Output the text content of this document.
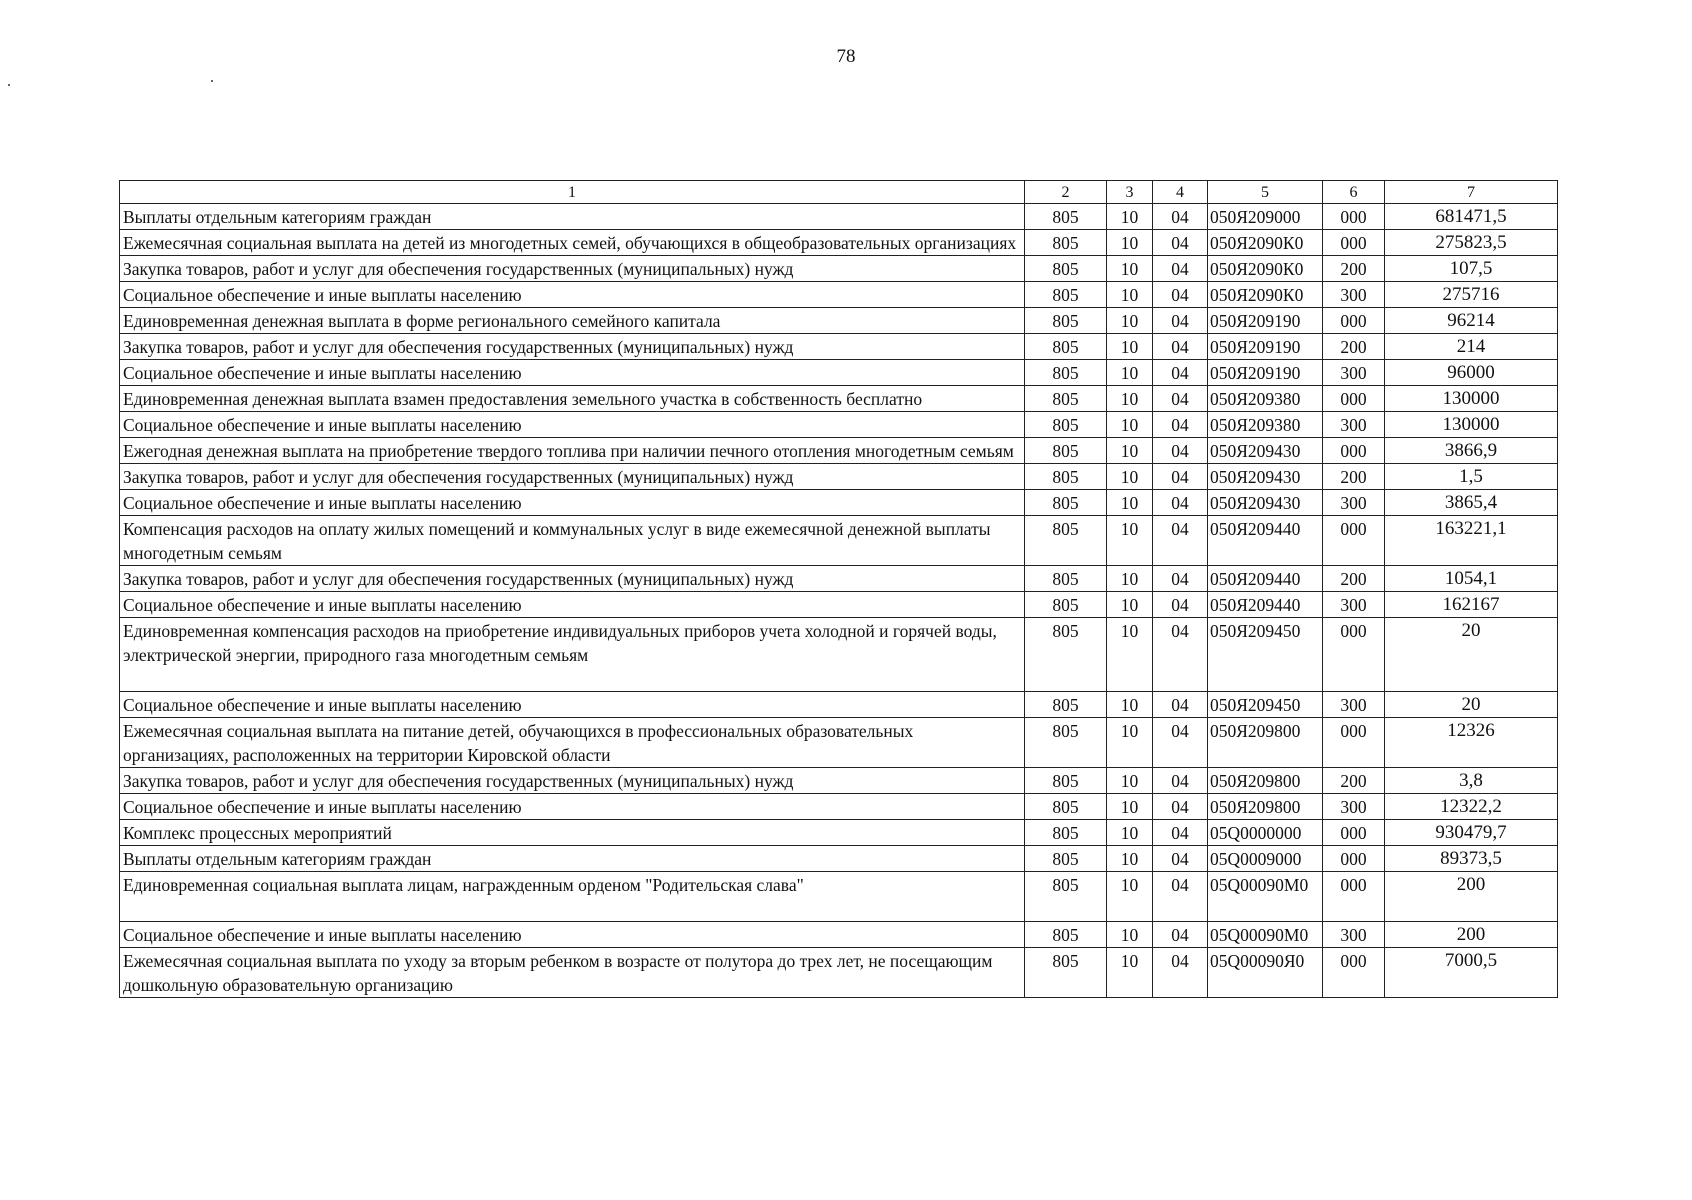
78
1	2	3	4	5	6	7
Выплаты отдельным категориям граждан	805	10	04	050Я209000	000	681471,5
Ежемесячная социальная выплата на детей из многодетных семей, обучающихся в общеобразовательных организациях	805	10	04	050Я2090К0	000	275823,5
Закупка товаров, работ и услуг для обеспечения государственных (муниципальных) нужд	805	10	04	050Я2090К0	200	107,5
Социальное обеспечение и иные выплаты населению	805	10	04	050Я2090К0	300	275716
Единовременная денежная выплата в форме регионального семейного капитала	805	10	04	050Я209190	000	96214
Закупка товаров, работ и услуг для обеспечения государственных (муниципальных) нужд	805	10	04	050Я209190	200	214
Социальное обеспечение и иные выплаты населению	805	10	04	050Я209190	300	96000
Единовременная денежная выплата взамен предоставления земельного участка в собственность бесплатно	805	10	04	050Я209380	000	130000
Социальное обеспечение и иные выплаты населению	805	10	04	050Я209380	300	130000
Ежегодная денежная выплата на приобретение твердого топлива при наличии печного отопления многодетным семьям	805	10	04	050Я209430	000	3866,9
Закупка товаров, работ и услуг для обеспечения государственных (муниципальных) нужд	805	10	04	050Я209430	200	1,5
Социальное обеспечение и иные выплаты населению	805	10	04	050Я209430	300	3865,4
Компенсация расходов на оплату жилых помещений и коммунальных услуг в виде ежемесячной денежной выплаты многодетным семьям	805	10	04	050Я209440	000	163221,1
Закупка товаров, работ и услуг для обеспечения государственных (муниципальных) нужд	805	10	04	050Я209440	200	1054,1
Социальное обеспечение и иные выплаты населению	805	10	04	050Я209440	300	162167
Единовременная компенсация расходов на приобретение индивидуальных приборов учета холодной и горячей воды, электрической энергии, природного газа многодетным семьям	805	10	04	050Я209450	000	20
Социальное обеспечение и иные выплаты населению	805	10	04	050Я209450	300	20
Ежемесячная социальная выплата на питание детей, обучающихся в профессиональных образовательных организациях, расположенных на территории Кировской области	805	10	04	050Я209800	000	12326
Закупка товаров, работ и услуг для обеспечения государственных (муниципальных) нужд	805	10	04	050Я209800	200	3,8
Социальное обеспечение и иные выплаты населению	805	10	04	050Я209800	300	12322,2
Комплекс процессных мероприятий	805	10	04	05Q0000000	000	930479,7
Выплаты отдельным категориям граждан	805	10	04	05Q0009000	000	89373,5
Единовременная социальная выплата лицам, награжденным орденом "Родительская слава"	805	10	04	05Q00090М0	000	200
Социальное обеспечение и иные выплаты населению	805	10	04	05Q00090М0	300	200
Ежемесячная социальная выплата по уходу за вторым ребенком в возрасте от полутора до трех лет, не посещающим дошкольную образовательную организацию	805	10	04	05Q00090Я0	000	7000,5
